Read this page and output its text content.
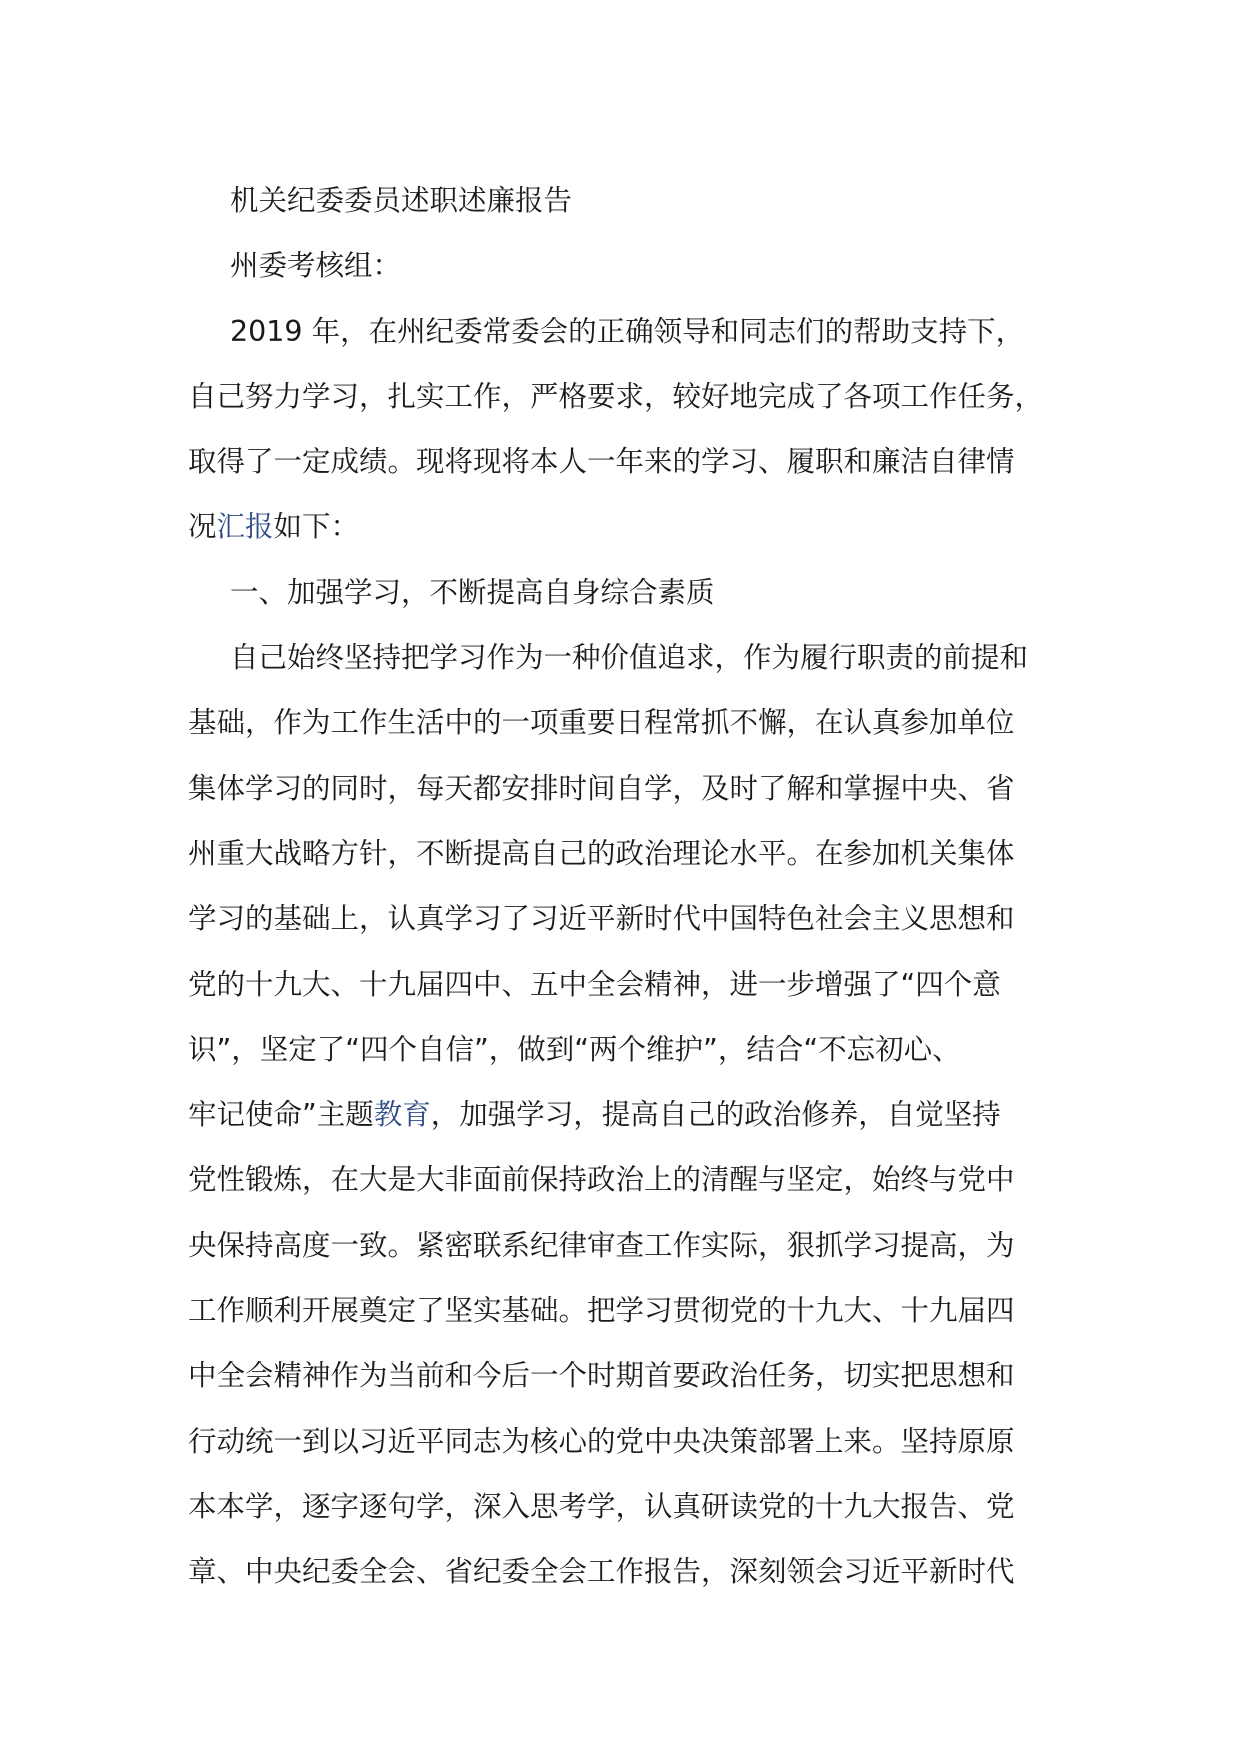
机关纪委委员述职述廉报告
州委考核组：
2019 年，在州纪委常委会的正确领导和同志们的帮助支持下，
自己努力学习，扎实工作，严格要求，较好地完成了各项工作任务，
取得了一定成绩。现将现将本人一年来的学习、履职和廉洁自律情
况汇报如下：
一、加强学习，不断提高自身综合素质
自己始终坚持把学习作为一种价值追求，作为履行职责的前提和
基础，作为工作生活中的一项重要日程常抓不懈，在认真参加单位
集体学习的同时，每天都安排时间自学，及时了解和掌握中央、省
州重大战略方针，不断提高自己的政治理论水平。在参加机关集体
学习的基础上，认真学习了习近平新时代中国特色社会主义思想和
党的十九大、十九届四中、五中全会精神，进一步增强了“四个意
识”，坚定了“四个自信”，做到“两个维护”，结合“不忘初心、
牢记使命”主题教育，加强学习，提高自己的政治修养，自觉坚持
党性锻炼，在大是大非面前保持政治上的清醒与坚定，始终与党中
央保持高度一致。紧密联系纪律审查工作实际，狠抓学习提高，为
工作顺利开展奠定了坚实基础。把学习贯彻党的十九大、十九届四
中全会精神作为当前和今后一个时期首要政治任务，切实把思想和
行动统一到以习近平同志为核心的党中央决策部署上来。坚持原原
本本学，逐字逐句学，深入思考学，认真研读党的十九大报告、党
章、中央纪委全会、省纪委全会工作报告，深刻领会习近平新时代
